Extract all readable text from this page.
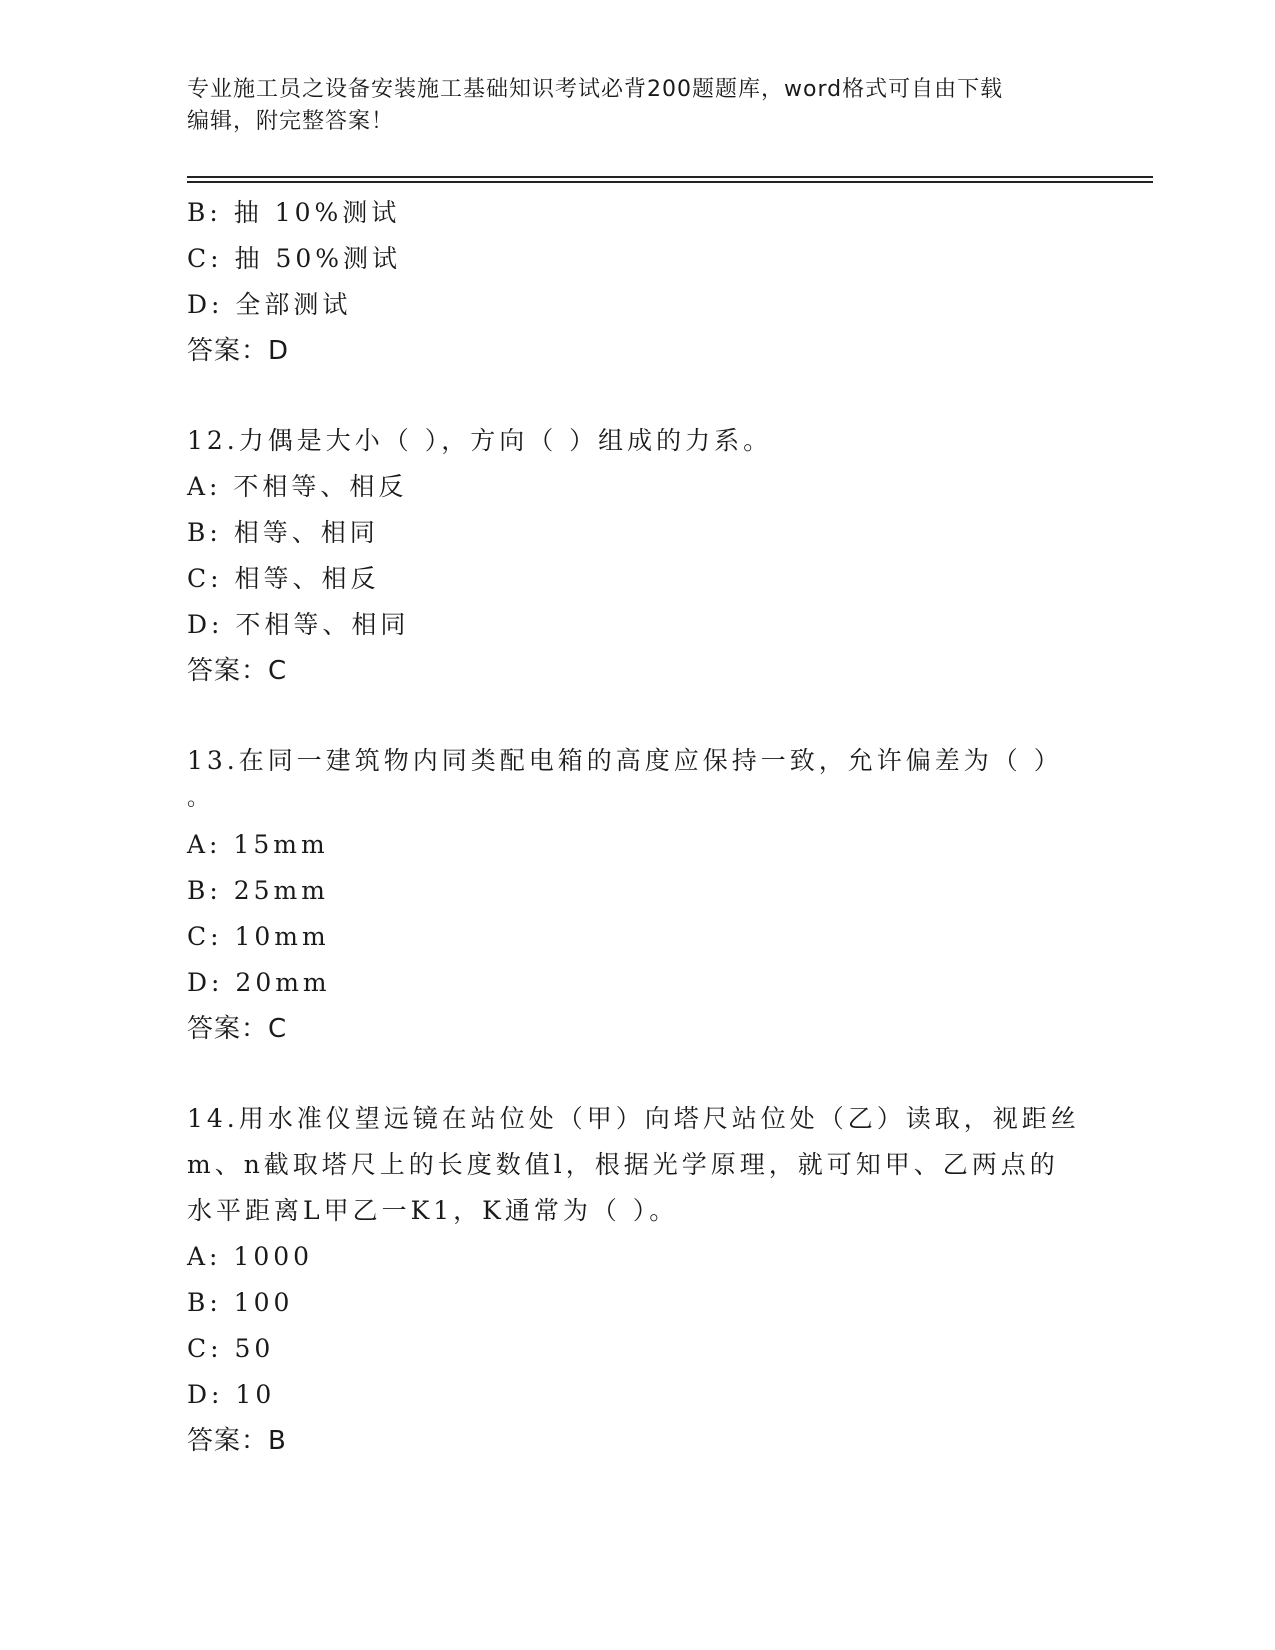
专业施工员之设备安装施工基础知识考试必背200题题库，word格式可自由下载
编辑，附完整答案！
B: 抽 10%测试
C: 抽 50%测试
D: 全部测试
答案：D
12.力偶是大小（ ），方向（ ）组成的力系。
A: 不相等、相反
B: 相等、相同
C: 相等、相反
D: 不相等、相同
答案：C
13.在同一建筑物内同类配电箱的高度应保持一致，允许偏差为（ ）
。
A: 15mm
B: 25mm
C: 10mm
D: 20mm
答案：C
14.用水准仪望远镜在站位处（甲）向塔尺站位处（乙）读取，视距丝
m、n截取塔尺上的长度数值l，根据光学原理，就可知甲、乙两点的
水平距离L甲乙一K1，K通常为（ ）。
A: 1000
B: 100
C: 50
D: 10
答案：B
